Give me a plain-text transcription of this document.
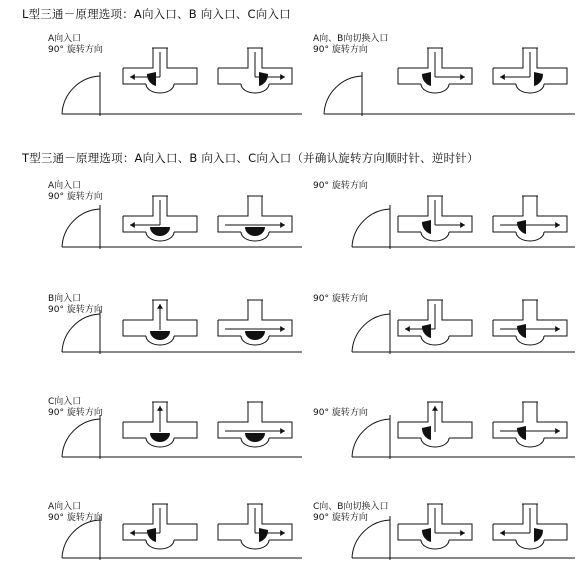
L型三通－原理选项：A向入口、B 向入口、C向入口
T型三通－原理选项：A向入口、B 向入口、C向入口（并确认旋转方向顺时针、逆时针）
A向入口
90° 旋转方向
A向、B向切换入口
90° 旋转方向
A向入口
90° 旋转方向
90° 旋转方向
B向入口
90° 旋转方向
90° 旋转方向
C向入口
90° 旋转方向	90° 旋转方向
A向入口
90° 旋转方向
C向、B向切换入口
90° 旋转方向
